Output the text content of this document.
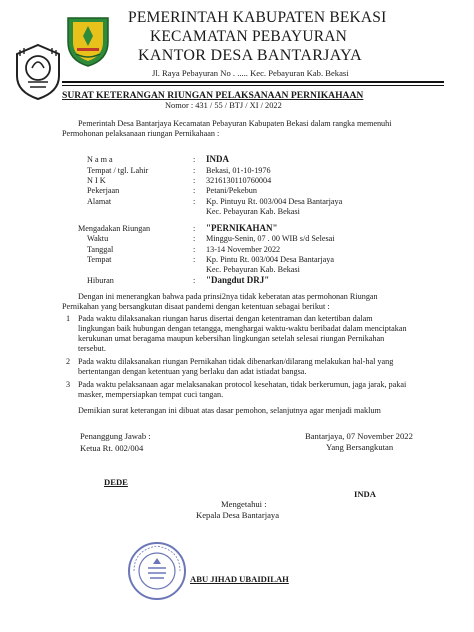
PEMERINTAH KABUPATEN BEKASI
KECAMATAN PEBAYURAN
KANTOR DESA BANTARJAYA
Jl. Raya Pebayuran No . ..... Kec. Pebayuran Kab. Bekasi
SURAT KETERANGAN RIUNGAN PELAKSANAAN PERNIKAHAAN
Nomor : 431 / 55 / BTJ / XI / 2022
Pemerintah Desa Bantarjaya Kecamatan Pebayuran Kabupaten Bekasi dalam rangka memenuhi
Permohonan pelaksanaan riungan Pernikahaan :
N a m a	: INDA
Tempat / tgl. Lahir	: Bekasi, 01-10-1976
N I K	: 3216130110760004
Pekerjaan	: Petani/Pekebun
Alamat	: Kp. Pintuyu Rt. 003/004 Desa Bantarjaya
Kec. Pebayuran Kab. Bekasi
Mengadakan Riungan	: "PERNIKAHAN"
Waktu	: Minggu-Senin, 07 . 00 WIB s/d Selesai
Tanggal	: 13-14 November 2022
Tempat	: Kp. Pintu Rt. 003/004 Desa Bantarjaya
Kec. Pebayuran Kab. Bekasi
Hiburan	: "Dangdut DRJ"
Dengan ini menerangkan bahwa pada prinsi2nya tidak keberatan atas permohonan Riungan
Pernikahan yang bersangkutan disaat pandemi dengan ketentuan sebagai berikut :
1 Pada waktu dilaksanakan riungan harus disertai dengan ketentraman dan ketertiban dalam
lingkungan baik hubungan dengan tetangga, menghargai waktu-waktu beribadat dalam menciptakan
kerukunan umat beragama maupun kebersihan lingkungan setelah selesai riungan Pernikahan
tersebut.
2 Pada waktu dilaksanakan riungan Pernikahan tidak dibenarkan/dilarang melakukan hal-hal yang
bertentangan dengan ketentuan yang berlaku dan adat istiadat bangsa.
3 Pada waktu pelaksanaan agar melaksanakan protocol kesehatan, tidak berkerumun, jaga jarak, pakai
masker, mempersiapkan tempat cuci tangan.
Demikian surat keterangan ini dibuat atas dasar pemohon, selanjutnya agar menjadi maklum
Penanggung Jawab :
Ketua Rt. 002/004
DEDE
Bantarjaya, 07 November 2022
Yang Bersangkutan
INDA
Mengetahui :
Kepala Desa Bantarjaya
ABU JIHAD UBAIDILAH
